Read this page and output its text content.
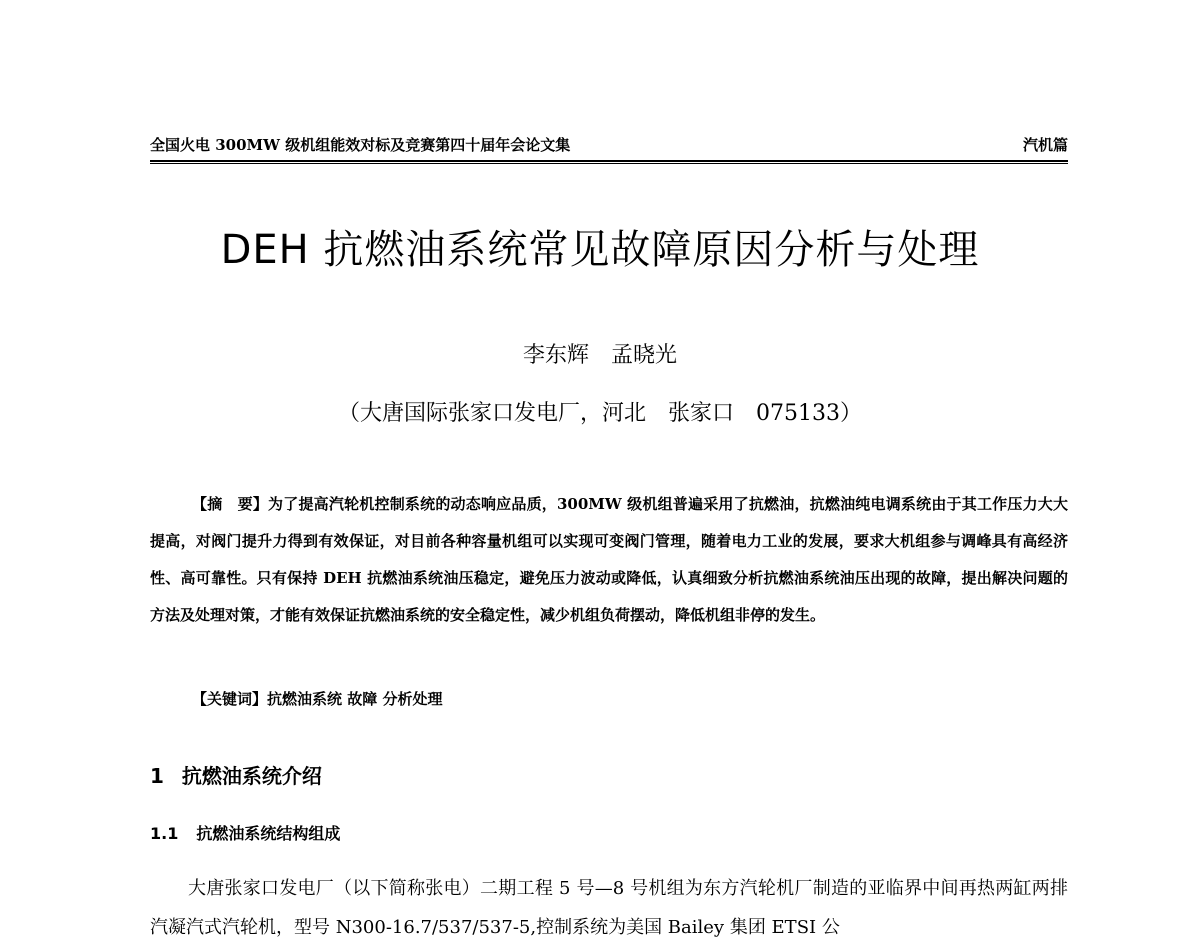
全国火电 300MW 级机组能效对标及竞赛第四十届年会论文集	汽机篇
DEH 抗燃油系统常见故障原因分析与处理
李东辉　孟晓光
（大唐国际张家口发电厂，河北　张家口　075133）

【摘　要】为了提高汽轮机控制系统的动态响应品质，300MW 级机组普遍采用了抗燃油，抗燃油纯电调系统由于其工作压力大大提高，对阀门提升力得到有效保证，对目前各种容量机组可以实现可变阀门管理，随着电力工业的发展，要求大机组参与调峰具有高经济性、高可靠性。只有保持 DEH 抗燃油系统油压稳定，避免压力波动或降低，认真细致分析抗燃油系统油压出现的故障，提出解决问题的方法及处理对策，才能有效保证抗燃油系统的安全稳定性，减少机组负荷摆动，降低机组非停的发生。

【关键词】抗燃油系统 故障 分析处理
1 抗燃油系统介绍
1.1 抗燃油系统结构组成

大唐张家口发电厂（以下简称张电）二期工程 5 号—8 号机组为东方汽轮机厂制造的亚临界中间再热两缸两排汽凝汽式汽轮机，型号 N300-16.7/537/537-5,控制系统为美国 Bailey 集团 ETSI 公
